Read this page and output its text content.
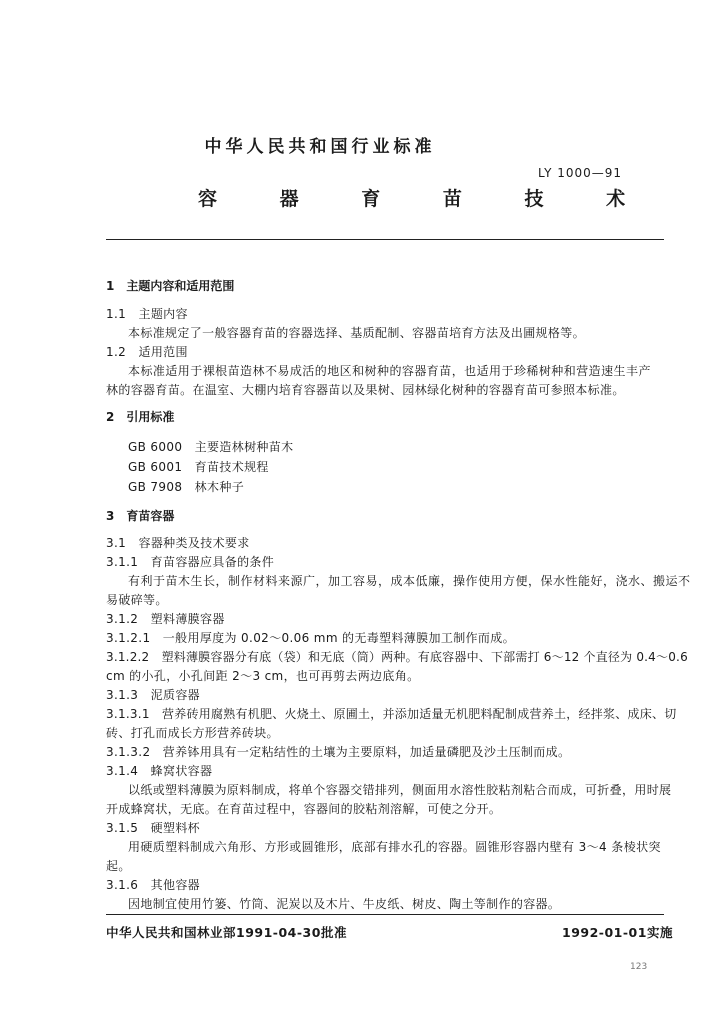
中华人民共和国行业标准
LY 1000—91
容 器 育 苗 技 术
1　主题内容和适用范围
1.1　主题内容
本标准规定了一般容器育苗的容器选择、基质配制、容器苗培育方法及出圃规格等。
1.2　适用范围
本标准适用于裸根苗造林不易成活的地区和树种的容器育苗，也适用于珍稀树种和营造速生丰产
林的容器育苗。在温室、大棚内培育容器苗以及果树、园林绿化树种的容器育苗可参照本标准。
2　引用标准
GB 6000　主要造林树种苗木
GB 6001　育苗技术规程
GB 7908　林木种子
3　育苗容器
3.1　容器种类及技术要求
3.1.1　育苗容器应具备的条件
有利于苗木生长，制作材料来源广，加工容易，成本低廉，操作使用方便，保水性能好，浇水、搬运不
易破碎等。
3.1.2　塑料薄膜容器
3.1.2.1　一般用厚度为 0.02～0.06 mm 的无毒塑料薄膜加工制作而成。
3.1.2.2　塑料薄膜容器分有底（袋）和无底（筒）两种。有底容器中、下部需打 6～12 个直径为 0.4～0.6
cm 的小孔，小孔间距 2～3 cm，也可再剪去两边底角。
3.1.3　泥质容器
3.1.3.1　营养砖用腐熟有机肥、火烧土、原圃土，并添加适量无机肥料配制成营养土，经拌浆、成床、切
砖、打孔而成长方形营养砖块。
3.1.3.2　营养钵用具有一定粘结性的土壤为主要原料，加适量磷肥及沙土压制而成。
3.1.4　蜂窝状容器
以纸或塑料薄膜为原料制成，将单个容器交错排列，侧面用水溶性胶粘剂粘合而成，可折叠，用时展
开成蜂窝状，无底。在育苗过程中，容器间的胶粘剂溶解，可使之分开。
3.1.5　硬塑料杯
用硬质塑料制成六角形、方形或圆锥形，底部有排水孔的容器。圆锥形容器内壁有 3～4 条棱状突
起。
3.1.6　其他容器
因地制宜使用竹篓、竹筒、泥炭以及木片、牛皮纸、树皮、陶土等制作的容器。
中华人民共和国林业部1991-04-30批准	1992-01-01实施
123
